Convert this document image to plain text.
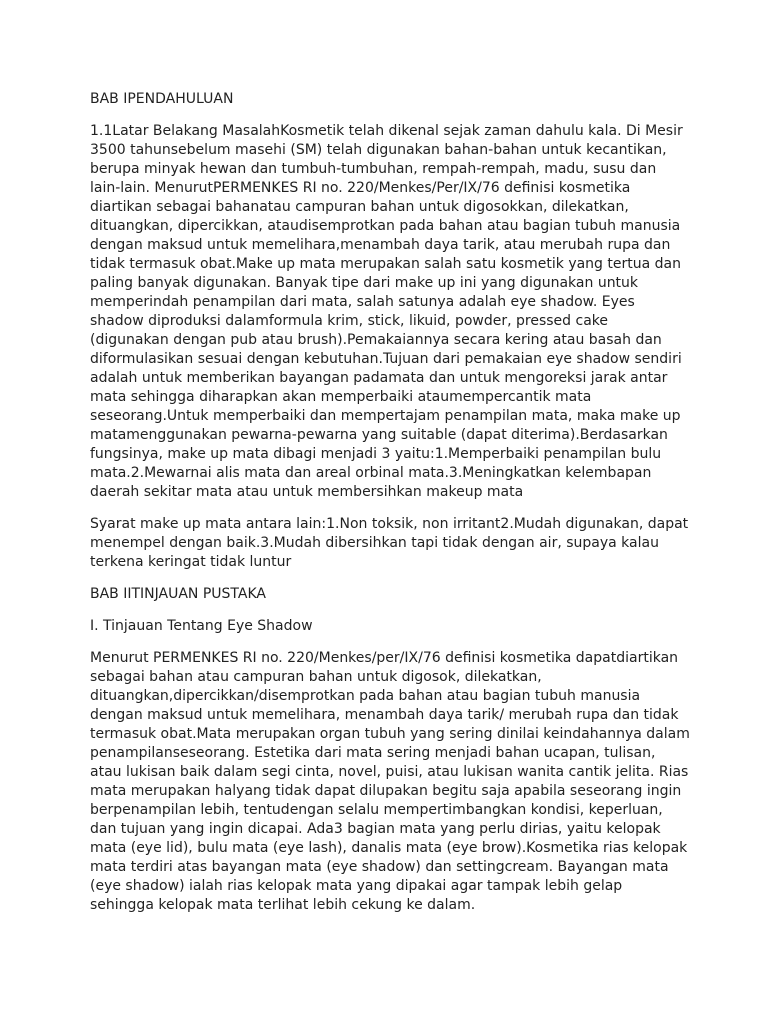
BAB IPENDAHULUAN

1.1Latar Belakang MasalahKosmetik telah dikenal sejak zaman dahulu kala. Di Mesir 3500 tahunsebelum masehi (SM) telah digunakan bahan-bahan untuk kecantikan, berupa minyak hewan dan tumbuh-tumbuhan, rempah-rempah, madu, susu dan lain-lain. MenurutPERMENKES RI no. 220/Menkes/Per/IX/76 definisi kosmetika diartikan sebagai bahanatau campuran bahan untuk digosokkan, dilekatkan, dituangkan, dipercikkan, ataudisemprotkan pada bahan atau bagian tubuh manusia dengan maksud untuk memelihara,menambah daya tarik, atau merubah rupa dan tidak termasuk obat.Make up mata merupakan salah satu kosmetik yang tertua dan paling banyak digunakan. Banyak tipe dari make up ini yang digunakan untuk memperindah penampilan dari mata, salah satunya adalah eye shadow. Eyes shadow diproduksi dalamformula krim, stick, likuid, powder, pressed cake (digunakan dengan pub atau brush).Pemakaiannya secara kering atau basah dan diformulasikan sesuai dengan kebutuhan.Tujuan dari pemakaian eye shadow sendiri adalah untuk memberikan bayangan padamata dan untuk mengoreksi jarak antar mata sehingga diharapkan akan memperbaiki ataumempercantik mata seseorang.Untuk memperbaiki dan mempertajam penampilan mata, maka make up matamenggunakan pewarna-pewarna yang suitable (dapat diterima).Berdasarkan fungsinya, make up mata dibagi menjadi 3 yaitu:1.Memperbaiki penampilan bulu mata.2.Mewarnai alis mata dan areal orbinal mata.3.Meningkatkan kelembapan daerah sekitar mata atau untuk membersihkan makeup mata

Syarat make up mata antara lain:1.Non toksik, non irritant2.Mudah digunakan, dapat menempel dengan baik.3.Mudah dibersihkan tapi tidak dengan air, supaya kalau terkena keringat tidak luntur

BAB IITINJAUAN PUSTAKA

I. Tinjauan Tentang Eye Shadow

Menurut PERMENKES RI no. 220/Menkes/per/IX/76 definisi kosmetika dapatdiartikan sebagai bahan atau campuran bahan untuk digosok, dilekatkan, dituangkan,dipercikkan/disemprotkan pada bahan atau bagian tubuh manusia dengan maksud untuk memelihara, menambah daya tarik/ merubah rupa dan tidak termasuk obat.Mata merupakan organ tubuh yang sering dinilai keindahannya dalam penampilanseseorang. Estetika dari mata sering menjadi bahan ucapan, tulisan, atau lukisan baik dalam segi cinta, novel, puisi, atau lukisan wanita cantik jelita. Rias mata merupakan halyang tidak dapat dilupakan begitu saja apabila seseorang ingin berpenampilan lebih, tentudengan selalu mempertimbangkan kondisi, keperluan, dan tujuan yang ingin dicapai. Ada3 bagian mata yang perlu dirias, yaitu kelopak mata (eye lid), bulu mata (eye lash), danalis mata (eye brow).Kosmetika rias kelopak mata terdiri atas bayangan mata (eye shadow) dan settingcream. Bayangan mata (eye shadow) ialah rias kelopak mata yang dipakai agar tampak lebih gelap sehingga kelopak mata terlihat lebih cekung ke dalam.
